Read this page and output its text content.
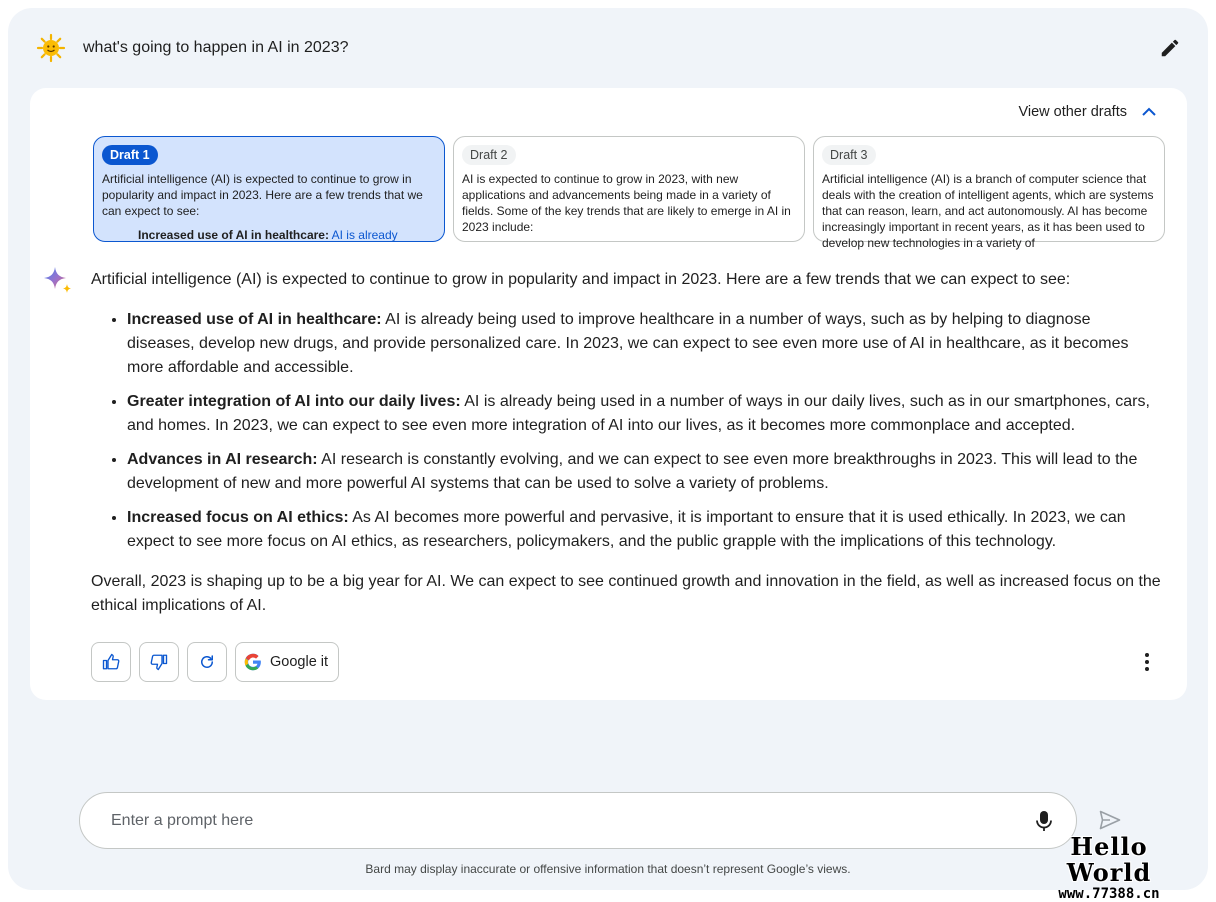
what's going to happen in AI in 2023?
View other drafts
Draft 1
Artificial intelligence (AI) is expected to continue to grow in popularity and impact in 2023. Here are a few trends that we can expect to see:
Increased use of AI in healthcare: AI is already
Draft 2
AI is expected to continue to grow in 2023, with new applications and advancements being made in a variety of fields. Some of the key trends that are likely to emerge in AI in 2023 include:
Draft 3
Artificial intelligence (AI) is a branch of computer science that deals with the creation of intelligent agents, which are systems that can reason, learn, and act autonomously. AI has become increasingly important in recent years, as it has been used to develop new technologies in a variety of

Artificial intelligence (AI) is expected to continue to grow in popularity and impact in 2023. Here are a few trends that we can expect to see:

• Increased use of AI in healthcare: AI is already being used to improve healthcare in a number of ways, such as by helping to diagnose diseases, develop new drugs, and provide personalized care. In 2023, we can expect to see even more use of AI in healthcare, as it becomes more affordable and accessible.
• Greater integration of AI into our daily lives: AI is already being used in a number of ways in our daily lives, such as in our smartphones, cars, and homes. In 2023, we can expect to see even more integration of AI into our lives, as it becomes more commonplace and accepted.
• Advances in AI research: AI research is constantly evolving, and we can expect to see even more breakthroughs in 2023. This will lead to the development of new and more powerful AI systems that can be used to solve a variety of problems.
• Increased focus on AI ethics: As AI becomes more powerful and pervasive, it is important to ensure that it is used ethically. In 2023, we can expect to see more focus on AI ethics, as researchers, policymakers, and the public grapple with the implications of this technology.

Overall, 2023 is shaping up to be a big year for AI. We can expect to see continued growth and innovation in the field, as well as increased focus on the ethical implications of AI.

Google it
Enter a prompt here
Bard may display inaccurate or offensive information that doesn’t represent Google’s views.
Hello World
www.77388.cn
